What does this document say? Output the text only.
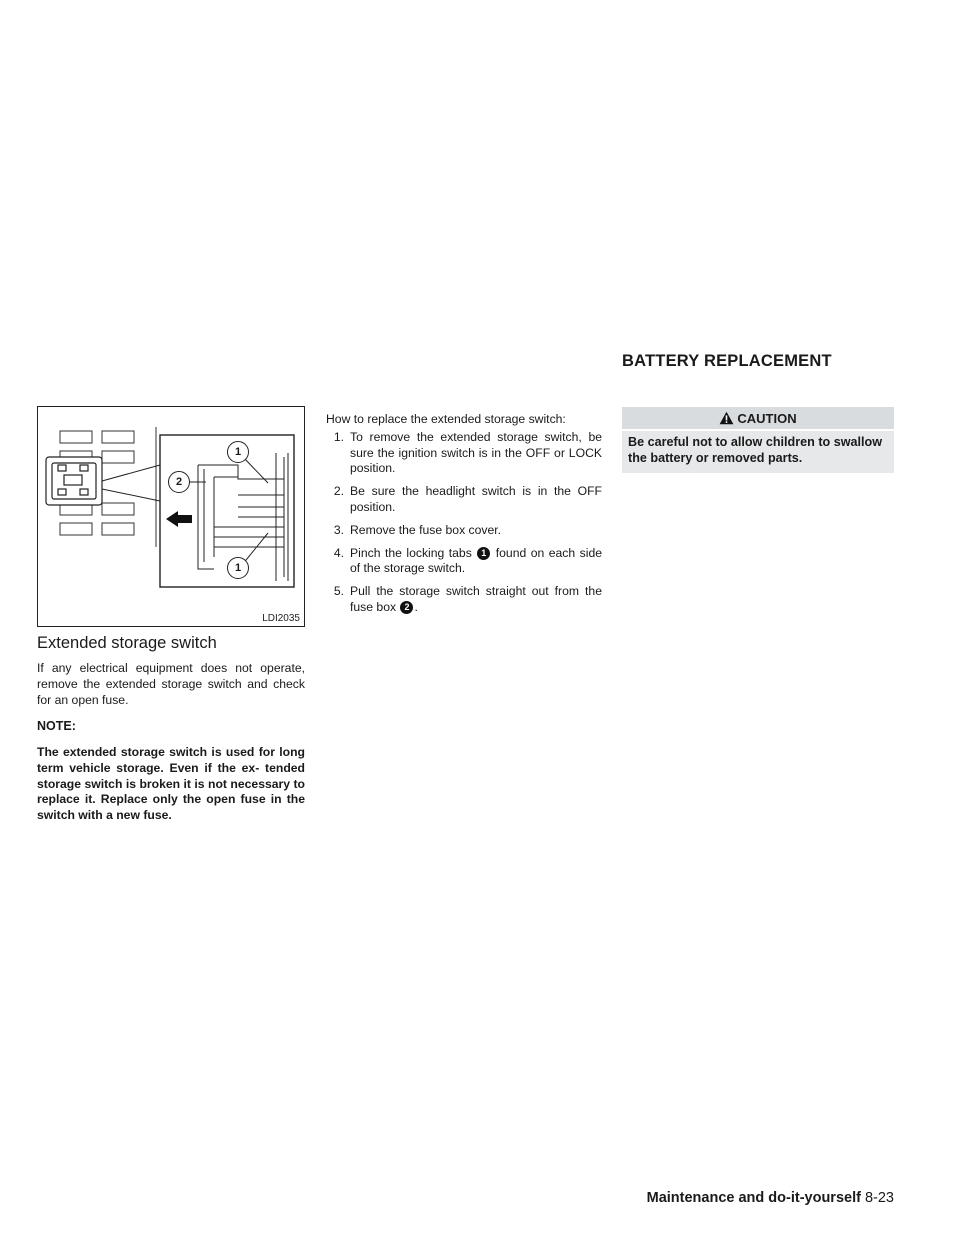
1
2
1
LDI2035
Extended storage switch

If any electrical equipment does not operate, remove the extended storage switch and check for an open fuse.

NOTE:

The extended storage switch is used for long term vehicle storage. Even if the ex- tended storage switch is broken it is not necessary to replace it. Replace only the open fuse in the switch with a new fuse.

How to replace the extended storage switch:

1. To remove the extended storage switch, be sure the ignition switch is in the OFF or LOCK position.
2. Be sure the headlight switch is in the OFF position.
3. Remove the fuse box cover.
4. Pinch the locking tabs 1 found on each side of the storage switch.
5. Pull the storage switch straight out from the fuse box 2 .
BATTERY REPLACEMENT
CAUTION
Be careful not to allow children to swallow the battery or removed parts.
Maintenance and do-it-yourself 8-23
